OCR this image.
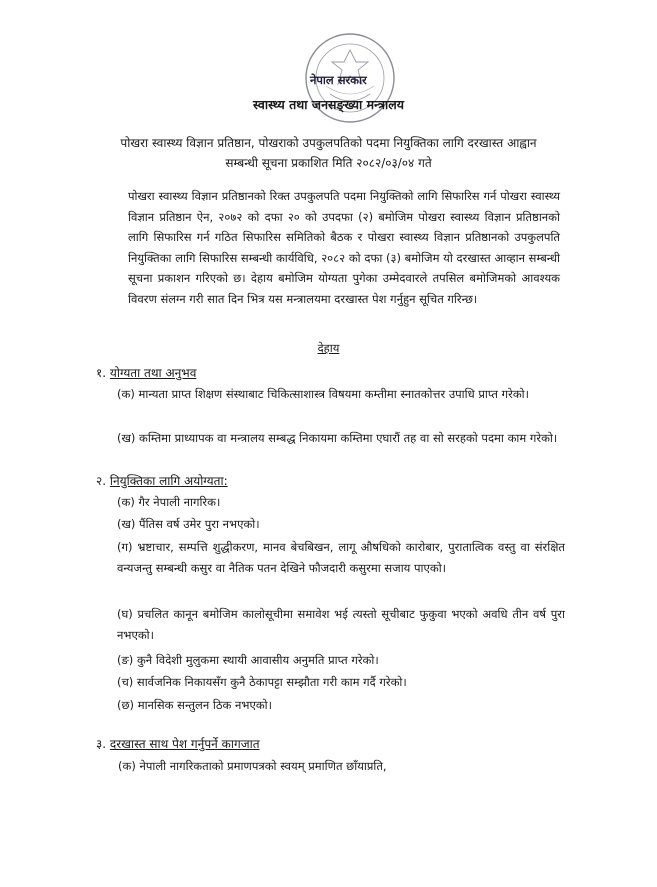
नेपाल सरकार
स्वास्थ्य तथा जनसङ्ख्या मन्त्रालय
पोखरा स्वास्थ्य विज्ञान प्रतिष्ठान, पोखराको उपकुलपतिको पदमा नियुक्तिका लागि दरखास्त आह्वान
सम्बन्धी सूचना प्रकाशित मिति २०८२/०३/०४ गते

पोखरा स्वास्थ्य विज्ञान प्रतिष्ठानको रिक्त उपकुलपति पदमा नियुक्तिको लागि सिफारिस गर्न पोखरा स्वास्थ्य विज्ञान प्रतिष्ठान ऐन, २०७२ को दफा २० को उपदफा (२) बमोजिम पोखरा स्वास्थ्य विज्ञान प्रतिष्ठानको लागि सिफारिस गर्न गठित सिफारिस समितिको बैठक र पोखरा स्वास्थ्य विज्ञान प्रतिष्ठानको उपकुलपति नियुक्तिका लागि सिफारिस सम्बन्धी कार्यविधि, २०८२ को दफा (३) बमोजिम यो दरखास्त आव्हान सम्बन्धी सूचना प्रकाशन गरिएको छ। देहाय बमोजिम योग्यता पुगेका उम्मेदवारले तपसिल बमोजिमको आवश्यक विवरण संलग्न गरी सात दिन भित्र यस मन्त्रालयमा दरखास्त पेश गर्नुहुन सूचित गरिन्छ।

देहाय
१. योग्यता तथा अनुभव

(क) मान्यता प्राप्त शिक्षण संस्थाबाट चिकित्साशास्त्र विषयमा कम्तीमा स्नातकोत्तर उपाधि प्राप्त गरेको।

(ख) कम्तिमा प्राध्यापक वा मन्त्रालय सम्बद्ध निकायमा कम्तिमा एघारौं तह वा सो सरहको पदमा काम गरेको।

२. नियुक्तिका लागि अयोग्यता:

(क) गैर नेपाली नागरिक।

(ख) पैंतिस वर्ष उमेर पुरा नभएको।

(ग) भ्रष्टाचार, सम्पत्ति शुद्धीकरण, मानव बेचबिखन, लागू औषधिको कारोबार, पुरातात्विक वस्तु वा संरक्षित वन्यजन्तु सम्बन्धी कसुर वा नैतिक पतन देखिने फौजदारी कसुरमा सजाय पाएको।

(घ) प्रचलित कानून बमोजिम कालोसूचीमा समावेश भई त्यस्तो सूचीबाट फुकुवा भएको अवधि तीन वर्ष पुरा नभएको।

(ङ) कुनै विदेशी मुलुकमा स्थायी आवासीय अनुमति प्राप्त गरेको।

(च) सार्वजनिक निकायसँग कुनै ठेकापट्टा सम्झौता गरी काम गर्दै गरेको।

(छ) मानसिक सन्तुलन ठिक नभएको।

३. दरखास्त साथ पेश गर्नुपर्ने कागजात

(क) नेपाली नागरिकताको प्रमाणपत्रको स्वयम् प्रमाणित छाँयाप्रति,
